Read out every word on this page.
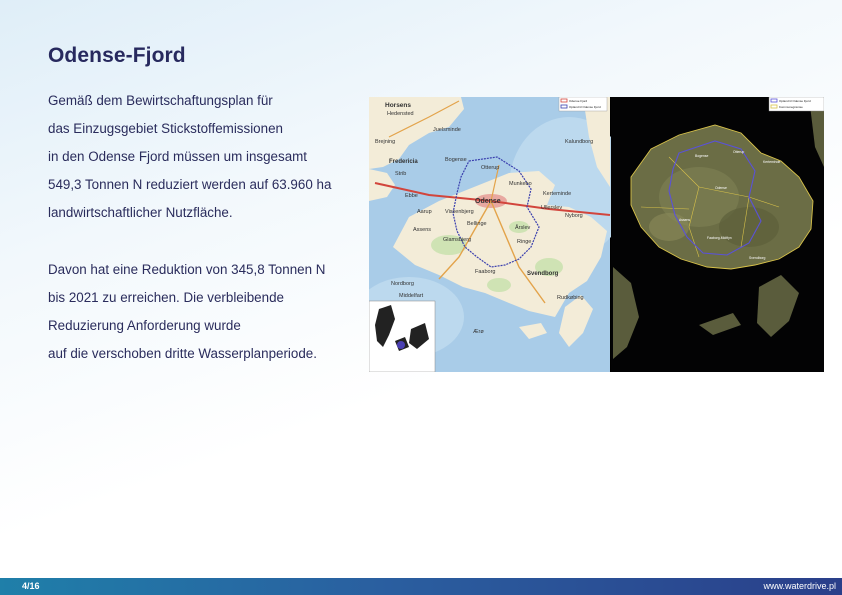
Odense-Fjord
Gemäß dem Bewirtschaftungsplan für
das Einzugsgebiet Stickstoffemissionen
in den Odense Fjord müssen um insgesamt
549,3 Tonnen N reduziert werden auf 63.960 ha
landwirtschaftlicher Nutzfläche.
Davon hat eine Reduktion von 345,8 Tonnen N
bis 2021 zu erreichen. Die verbleibende
Reduzierung Anforderung wurde
auf die verschoben dritte Wasserplanperiode.
Horsens
Hedensted
Juelsminde
Brejning
Fredericia
Strib
Bogense
Otterup
Munkebo
Kerteminde
Kalundborg
Odense
Ullerslev
Nyborg
Ebbe
Aarup Vissenbjerg
Bellinge
Årslev
Assens
Glamsbjerg	Ringe
Faaborg	Svendborg
Rudkøbing
Nordborg
Middelfart
Ærø
Odense Fjord
Opland til Odense Fjord
Bogense
Otterup
Kerteminde
Odense
Assens
Faaborg-Midtfyn
Svendborg
Opland til Odense Fjord
Kommunegrænse
4/16	www.waterdrive.pl
